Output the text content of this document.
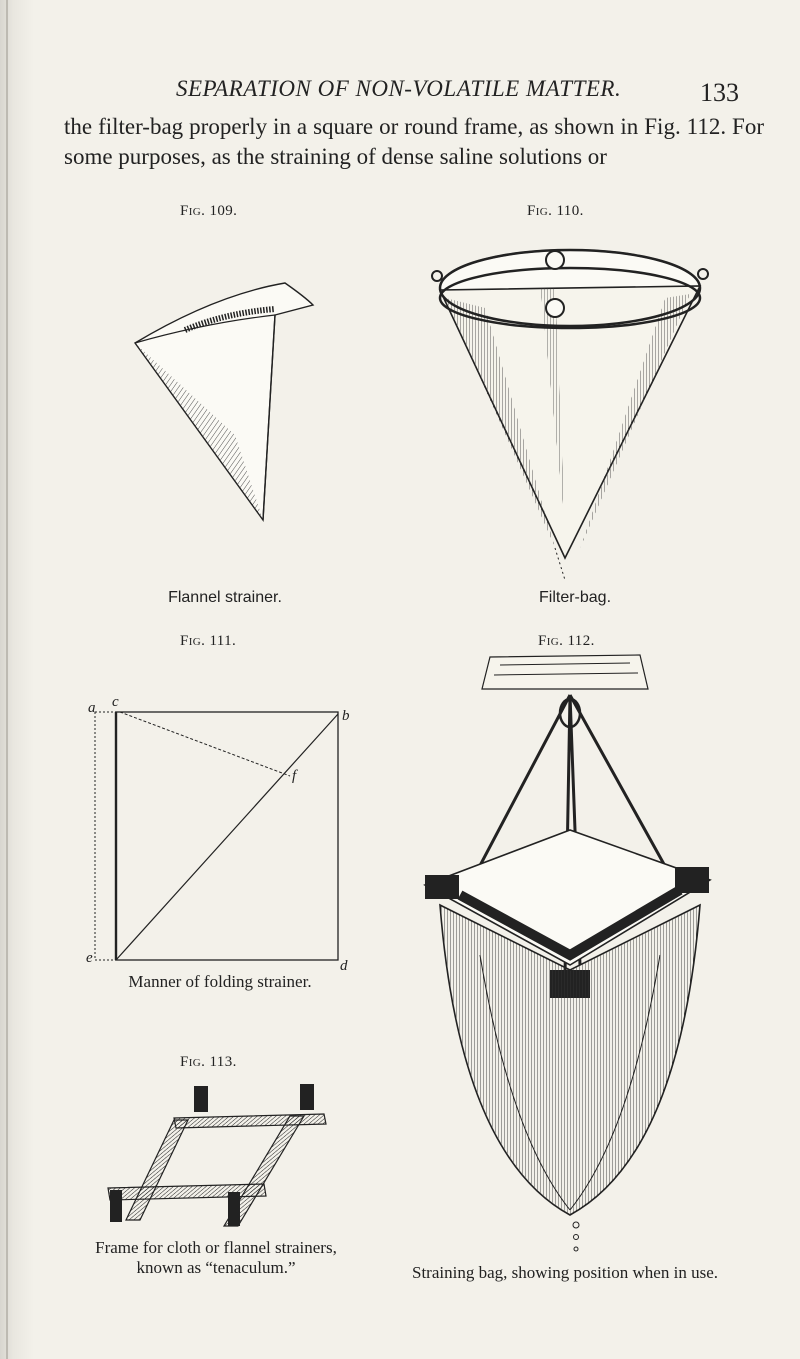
SEPARATION OF NON-VOLATILE MATTER.	133
the filter-bag properly in a square or round frame, as shown in Fig. 112. For some purposes, as the straining of dense saline solutions or
Fig. 109.
Flannel strainer.
Fig. 110.
Filter-bag.
Fig. 111.
a c
b
f
e	d
Manner of folding strainer.
Fig. 113.
Frame for cloth or flannel strainers,
known as “tenaculum.”
Fig. 112.
Straining bag, showing position when in use.
